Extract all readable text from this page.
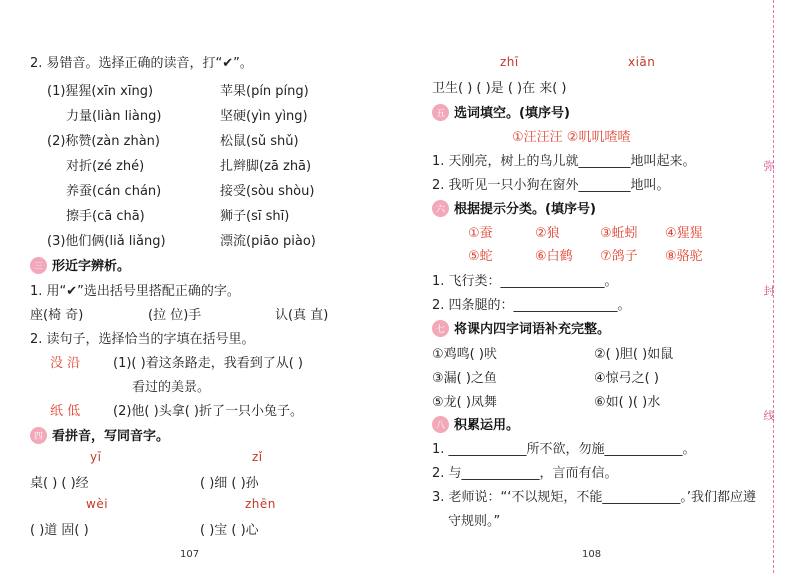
弥
封
线
2. 易错音。选择正确的读音，打“✔”。
(1)猩猩(xīn xīng)	苹果(pín píng)
力量(liàn liàng)	坚硬(yìn yìng)
(2)称赞(zàn zhàn)	松鼠(sǔ shǔ)
对折(zé zhé)	扎辫脚(zā zhā)
养蚕(cán chán)	接受(sòu shòu)
擦手(cā chā)	狮子(sī shī)
(3)他们俩(liǎ liǎng)	漂流(piāo piào)
三 形近字辨析。
1. 用“✔”选出括号里搭配正确的字。
座(椅 奇)	(拉 位)手	认(真 直)
2. 读句子，选择恰当的字填在括号里。
没 沿	(1)( )着这条路走，我看到了从( )
看过的美景。
纸 低	(2)他( )头拿( )折了一只小兔子。
四 看拼音，写同音字。
yī	zǐ
桌( ) ( )经	( )细 ( )孙
wèi	zhēn
( )道 固( )	( )宝 ( )心
107
zhī	xiān
卫生( ) ( )是 ( )在 来( )
五 选词填空。(填序号)
①汪汪汪 ②叽叽喳喳
1. 天刚亮，树上的鸟儿就________地叫起来。
2. 我听见一只小狗在窗外________地叫。
六 根据提示分类。(填序号)
①蚕	②狼	③蚯蚓 ④猩猩
⑤蛇	⑥白鹤 ⑦鸽子 ⑧骆驼
1. 飞行类：________________。
2. 四条腿的：________________。
七 将课内四字词语补充完整。
①鸡鸣( )吠	②( )胆( )如鼠
③漏( )之鱼	④惊弓之( )
⑤龙( )凤舞	⑥如( )( )水
八 积累运用。
1. ____________所不欲，勿施____________。
2. 与____________，言而有信。
3. 老师说：“‘不以规矩，不能____________。’我们都应遵
守规则。”
108
